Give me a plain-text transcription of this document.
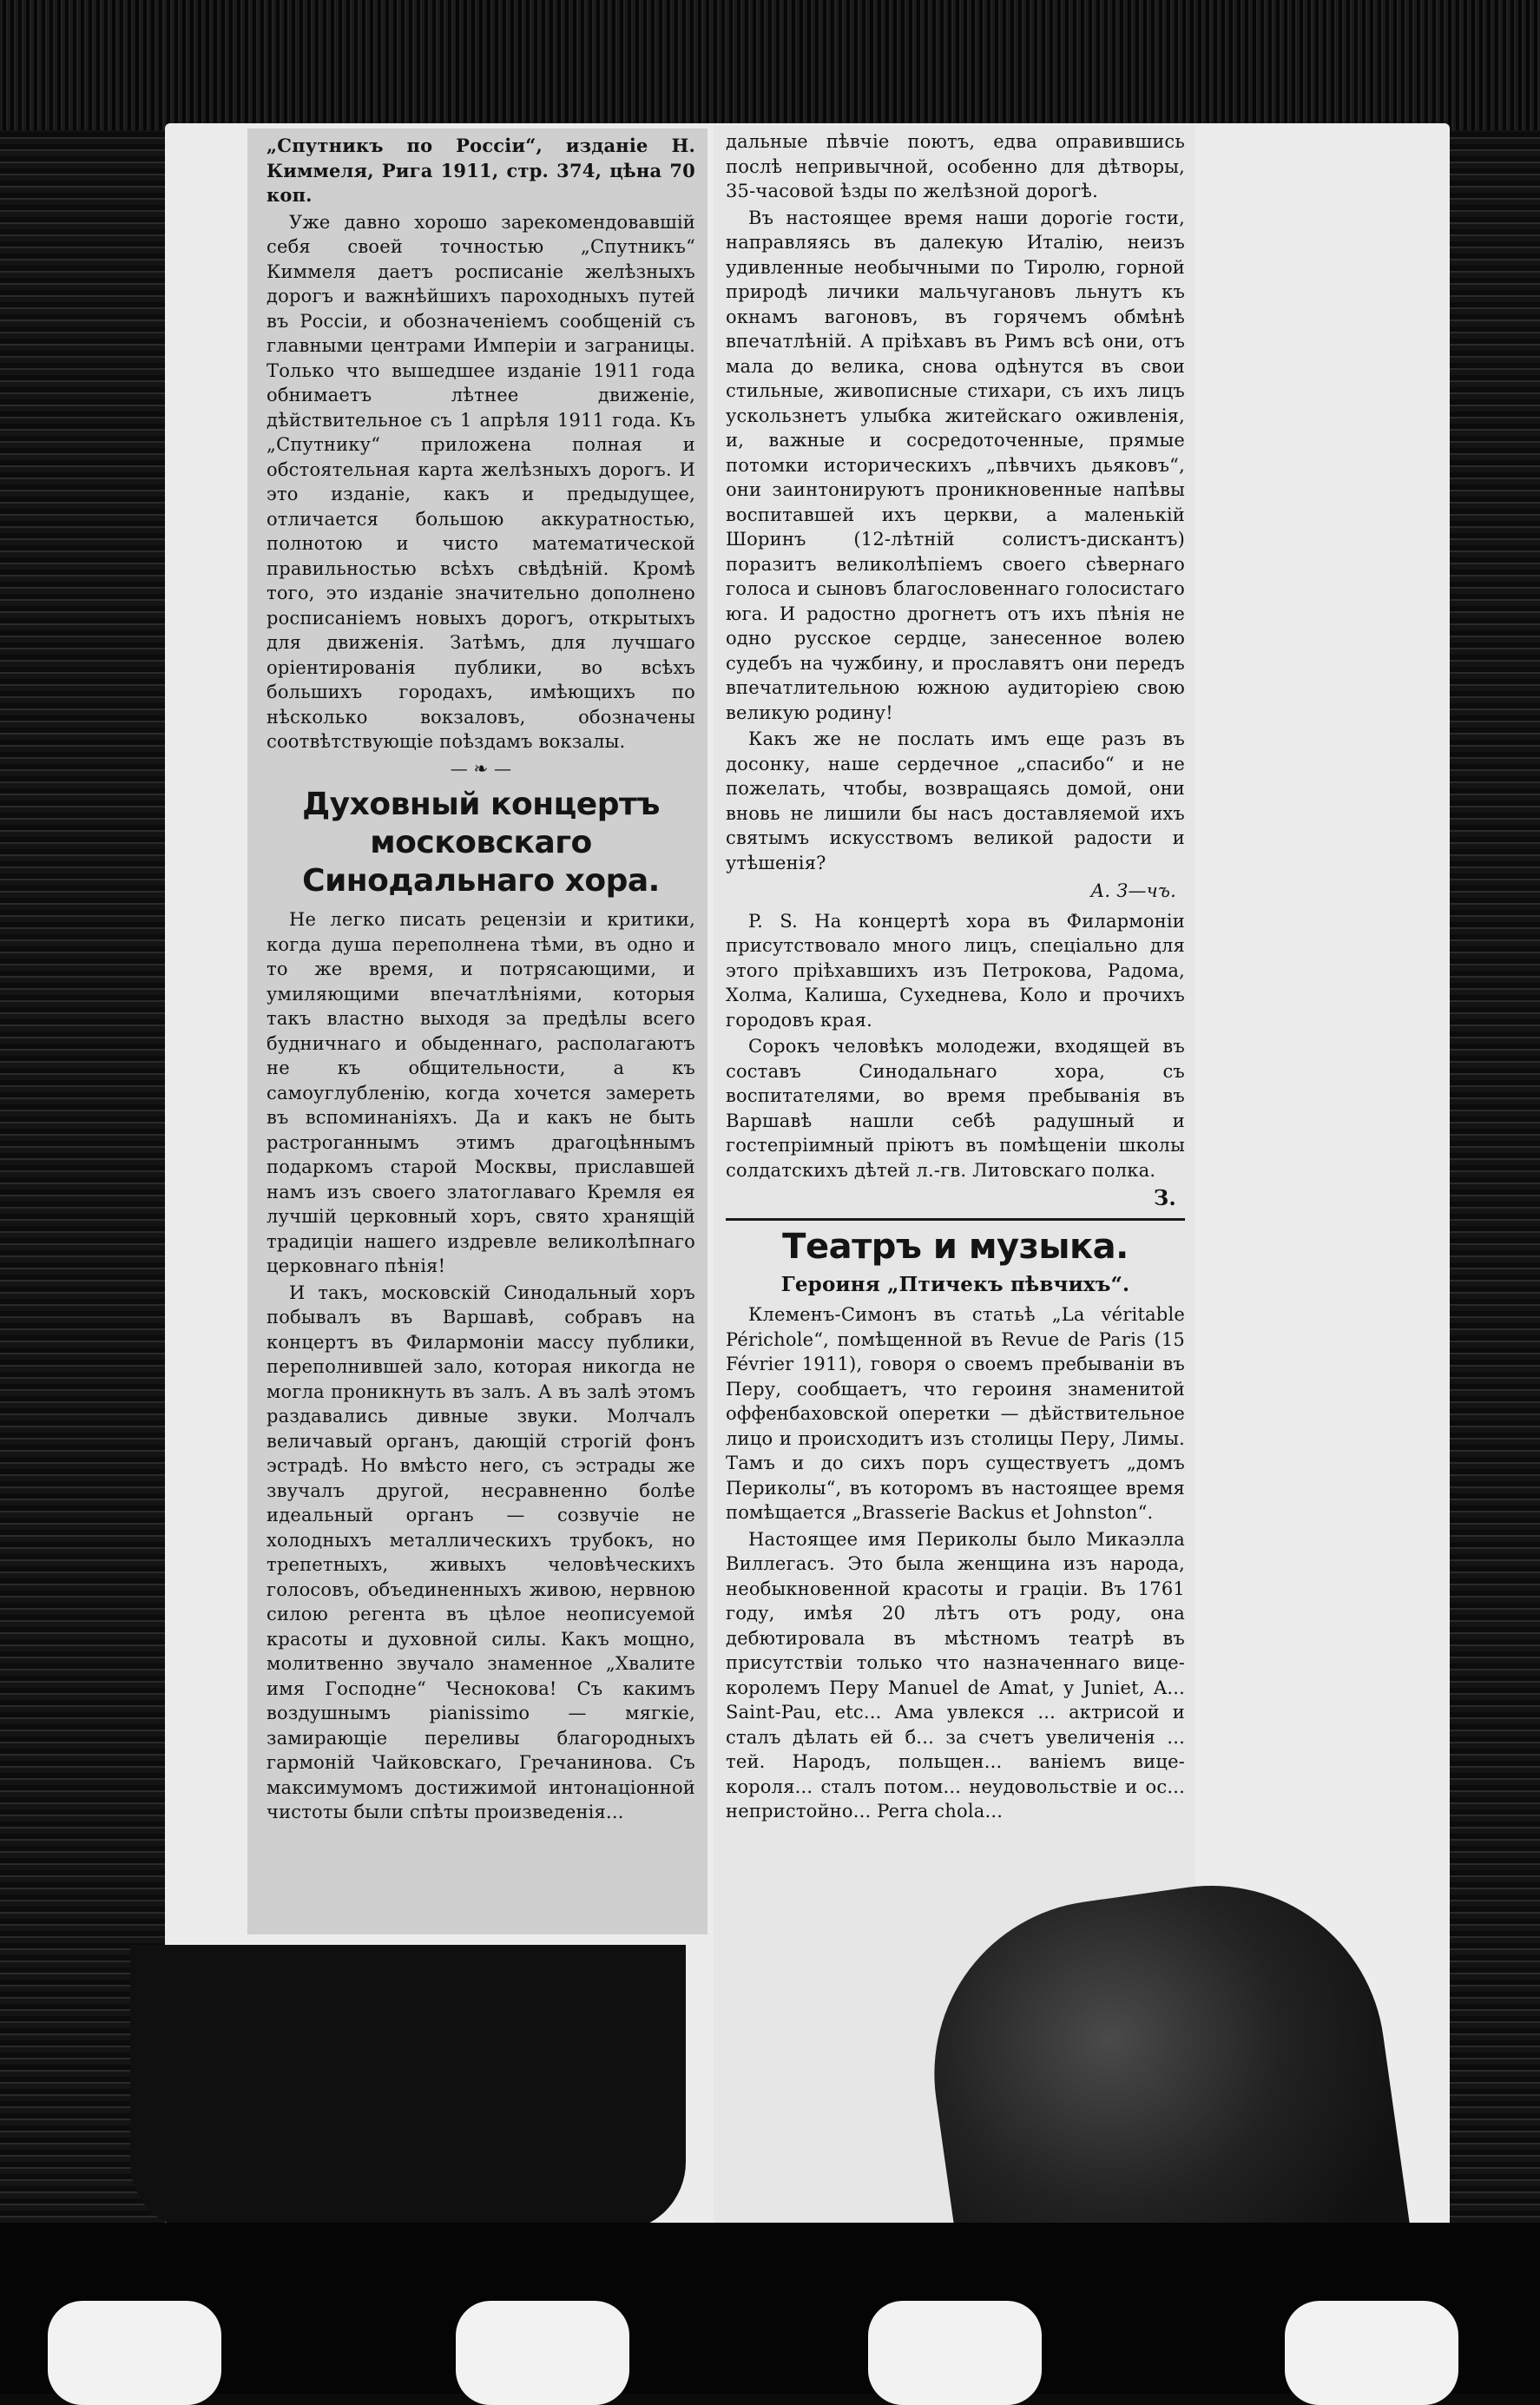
„Спутникъ по Россіи“, изданіе Н. Киммеля, Рига 1911, стр. 374, цѣна 70 коп.

Уже давно хорошо зарекомендовавшій себя своей точностью „Спутникъ“ Киммеля даетъ росписаніе желѣзныхъ дорогъ и важнѣйшихъ пароходныхъ путей въ Россіи, и обозначеніемъ сообщеній съ главными центрами Имперіи и заграницы. Только что вышедшее изданіе 1911 года обнимаетъ лѣтнее движеніе, дѣйствительное съ 1 апрѣля 1911 года. Къ „Спутнику“ приложена полная и обстоятельная карта желѣзныхъ дорогъ. И это изданіе, какъ и предыдущее, отличается большою аккуратностью, полнотою и чисто математической правильностью всѣхъ свѣдѣній. Кромѣ того, это изданіе значительно дополнено росписаніемъ новыхъ дорогъ, открытыхъ для движенія. Затѣмъ, для лучшаго оріентированія публики, во всѣхъ большихъ городахъ, имѣющихъ по нѣсколько вокзаловъ, обозначены соотвѣтствующіе поѣздамъ вокзалы.

— ❧ —
Духовный концертъ московскаго Синодальнаго хора.

Не легко писать рецензіи и критики, когда душа переполнена тѣми, въ одно и то же время, и потрясающими, и умиляющими впечатлѣніями, которыя такъ властно выходя за предѣлы всего будничнаго и обыденнаго, располагаютъ не къ общительности, а къ самоуглубленію, когда хочется замереть въ вспоминаніяхъ. Да и какъ не быть растроганнымъ этимъ драгоцѣннымъ подаркомъ старой Москвы, приславшей намъ изъ своего златоглаваго Кремля ея лучшій церковный хоръ, свято хранящій традиціи нашего издревле великолѣпнаго церковнаго пѣнія!

И такъ, московскій Синодальный хоръ побывалъ въ Варшавѣ, собравъ на концертъ въ Филармоніи массу публики, переполнившей зало, которая никогда не могла проникнуть въ залъ. А въ залѣ этомъ раздавались дивные звуки. Молчалъ величавый органъ, дающій строгій фонъ эстрадѣ. Но вмѣсто него, съ эстрады же звучалъ другой, несравненно болѣе идеальный органъ — созвучіе не холодныхъ металлическихъ трубокъ, но трепетныхъ, живыхъ человѣческихъ голосовъ, объединенныхъ живою, нервною силою регента въ цѣлое неописуемой красоты и духовной силы. Какъ мощно, молитвенно звучало знаменное „Хвалите имя Господне“ Чеснокова! Съ какимъ воздушнымъ pianissimo — мягкіе, замирающіе переливы благородныхъ гармоній Чайковскаго, Гречанинова. Съ максимумомъ достижимой интонаціонной чистоты были спѣты произведенія...

дальные пѣвчіе поютъ, едва оправившись послѣ непривычной, особенно для дѣтворы, 35-часовой ѣзды по желѣзной дорогѣ.

Въ настоящее время наши дорогіе гости, направляясь въ далекую Италію, неизъ удивленные необычными по Тиролю, горной природѣ личики мальчугановъ льнутъ къ окнамъ вагоновъ, въ горячемъ обмѣнѣ впечатлѣній. А пріѣхавъ въ Римъ всѣ они, отъ мала до велика, снова одѣнутся въ свои стильные, живописные стихари, съ ихъ лицъ ускользнетъ улыбка житейскаго оживленія, и, важные и сосредоточенные, прямые потомки историческихъ „пѣвчихъ дьяковъ“, они заинтонируютъ проникновенные напѣвы воспитавшей ихъ церкви, а маленькій Шоринъ (12-лѣтній солистъ-дискантъ) поразитъ великолѣпіемъ своего сѣвернаго голоса и сыновъ благословеннаго голосистаго юга. И радостно дрогнетъ отъ ихъ пѣнія не одно русское сердце, занесенное волею судебъ на чужбину, и прославятъ они передъ впечатлительною южною аудиторіею свою великую родину!

Какъ же не послать имъ еще разъ въ досонку, наше сердечное „спасибо“ и не пожелать, чтобы, возвращаясь домой, они вновь не лишили бы насъ доставляемой ихъ святымъ искусствомъ великой радости и утѣшенія?

А. З—чъ.

P. S. На концертѣ хора въ Филармоніи присутствовало много лицъ, спеціально для этого пріѣхавшихъ изъ Петрокова, Радома, Холма, Калиша, Сухеднева, Коло и прочихъ городовъ края.

Сорокъ человѣкъ молодежи, входящей въ составъ Синодальнаго хора, съ воспитателями, во время пребыванія въ Варшавѣ нашли себѣ радушный и гостепріимный пріютъ въ помѣщеніи школы солдатскихъ дѣтей л.-гв. Литовскаго полка.

З.
Театръ и музыка.
Героиня „Птичекъ пѣвчихъ“.

Клеменъ-Симонъ въ статьѣ „La véritable Périchole“, помѣщенной въ Revue de Paris (15 Février 1911), говоря о своемъ пребываніи въ Перу, сообщаетъ, что героиня знаменитой оффенбаховской оперетки — дѣйствительное лицо и происходитъ изъ столицы Перу, Лимы. Тамъ и до сихъ поръ существуетъ „домъ Периколы“, въ которомъ въ настоящее время помѣщается „Brasserie Backus et Johnston“.

Настоящее имя Периколы было Микаэлла Виллегасъ. Это была женщина изъ народа, необыкновенной красоты и граціи. Въ 1761 году, имѣя 20 лѣтъ отъ роду, она дебютировала въ мѣстномъ театрѣ въ присутствіи только что назначеннаго вице-королемъ Перу Manuel de Amat, y Juniet, A... Saint-Pau, etc... Ама увлекся ... актрисой и сталъ дѣлать ей б... за счетъ увеличенія ... тей. Народъ, польщен... ваніемъ вице-короля... сталъ потом... неудовольствіе и ос... непристойно... Perra chola...
